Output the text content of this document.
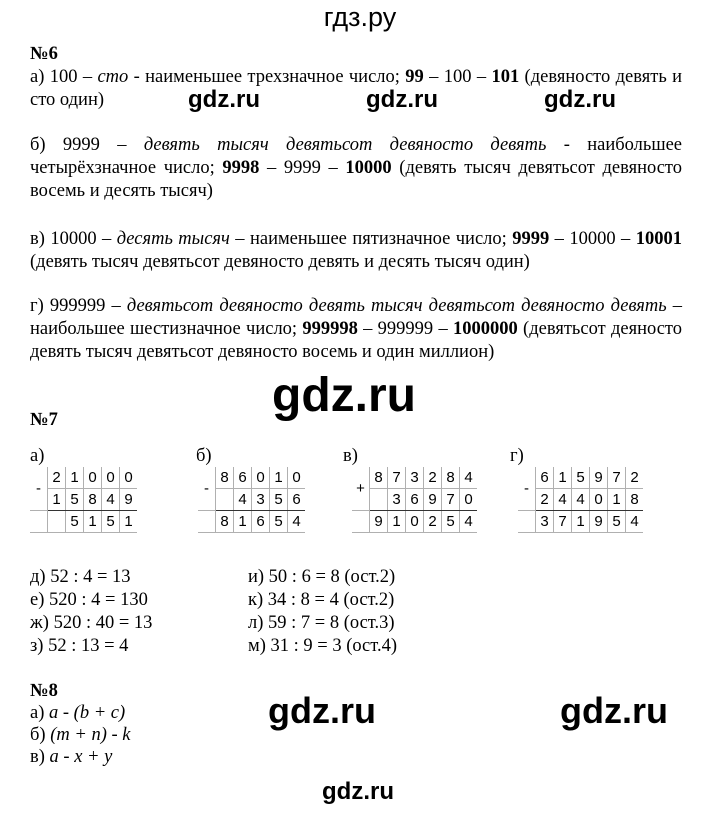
гдз.ру
№6
а) 100 – сто - наименьшее трехзначное число; 99 – 100 – 101 (девяносто девять и сто один)	gdz.ru	gdz.ru	gdz.ru
б) 9999 – девять тысяч девятьсот девяносто девять - наибольшее четырёхзначное число; 9998 – 9999 – 10000 (девять тысяч девятьсот девяносто восемь и десять тысяч)
в) 10000 – десять тысяч – наименьшее пятизначное число; 9999 – 10000 – 10001 (девять тысяч девятьсот девяносто девять и десять тысяч один)
г) 999999 – девятьсот девяносто девять тысяч девятьсот девяносто девять – наибольшее шестизначное число; 999998 – 999999 – 1000000 (девятьсот деяносто девять тысяч девятьсот девяносто восемь и один миллион)
gdz.ru
№7
а)	б)	в)	г)
-	2	1	0	0	0
	1	5	8	4	9
		5	1	5	1
-	8	6	0	1	0
		4	3	5	6
	8	1	6	5	4
+	8	7	3	2	8	4
		3	6	9	7	0
	9	1	0	2	5	4
-	6	1	5	9	7	2
	2	4	4	0	1	8
	3	7	1	9	5	4
д) 52 : 4 = 13
е) 520 : 4 = 130
ж) 520 : 40 = 13
з) 52 : 13 = 4
и) 50 : 6 = 8 (ост.2)
к) 34 : 8 = 4 (ост.2)
л) 59 : 7 = 8 (ост.3)
м) 31 : 9 = 3 (ост.4)
№8
а) a - (b + c)
б) (m + n) - k
в) a - x + y
gdz.ru	gdz.ru
gdz.ru
